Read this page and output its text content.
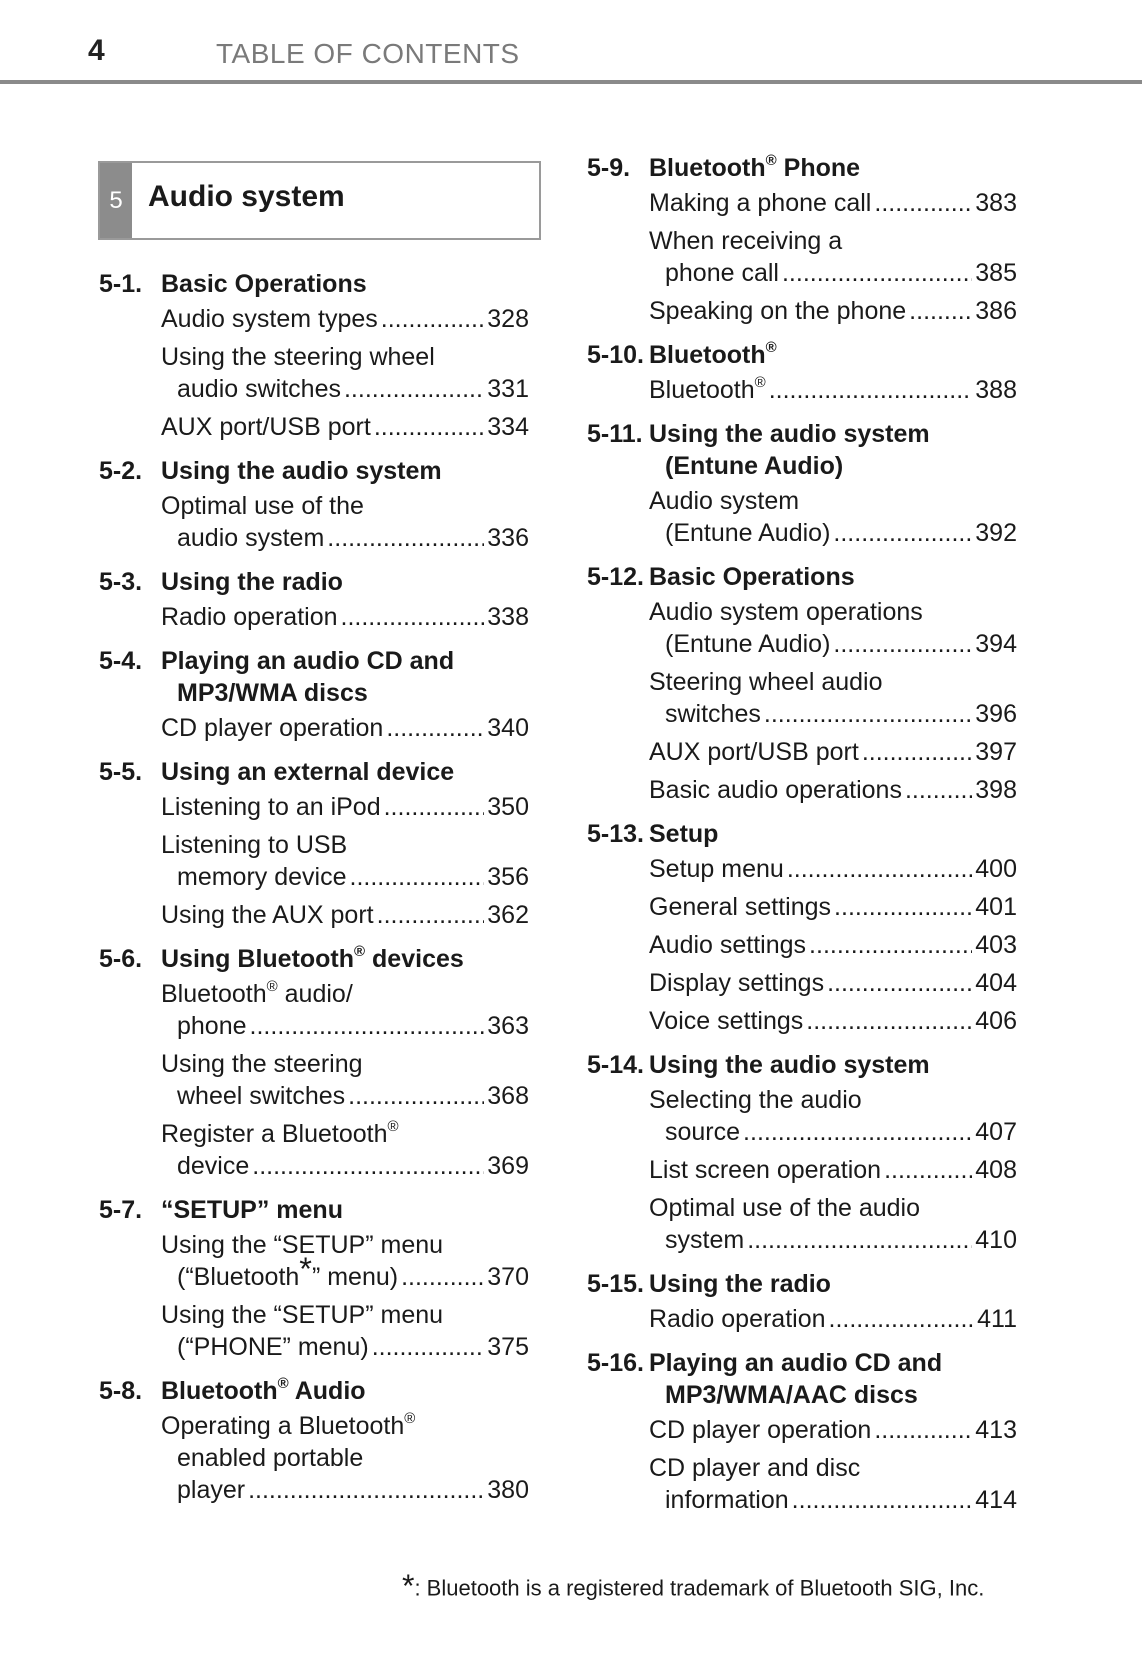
4	TABLE OF CONTENTS
5 Audio system
5-1. Basic Operations
Audio system types .....	328
Using the steering wheel
audio switches .....	331
AUX port/USB port .....	334
5-2. Using the audio system
Optimal use of the
audio system .....	336
5-3. Using the radio
Radio operation .....	338
5-4. Playing an audio CD and
MP3/WMA discs
CD player operation .....	340
5-5. Using an external device
Listening to an iPod .....	350
Listening to USB
memory device .....	356
Using the AUX port .....	362
5-6. Using Bluetooth® devices
Bluetooth® audio/
phone .....	363
Using the steering
wheel switches .....	368
Register a Bluetooth®
device .....	369
5-7. “SETUP” menu
Using the “SETUP” menu
(“Bluetooth*” menu) .....	370
Using the “SETUP” menu
(“PHONE” menu) .....	375
5-8. Bluetooth® Audio
Operating a Bluetooth®
enabled portable
player .....	380
5-9. Bluetooth® Phone
Making a phone call .....	383
When receiving a
phone call .....	385
Speaking on the phone .....	386
5-10. Bluetooth®
Bluetooth® .....	388
5-11. Using the audio system
(Entune Audio)
Audio system
(Entune Audio) .....	392
5-12. Basic Operations
Audio system operations
(Entune Audio) .....	394
Steering wheel audio
switches .....	396
AUX port/USB port .....	397
Basic audio operations .....	398
5-13. Setup
Setup menu .....	400
General settings .....	401
Audio settings .....	403
Display settings .....	404
Voice settings .....	406
5-14. Using the audio system
Selecting the audio
source .....	407
List screen operation .....	408
Optimal use of the audio
system .....	410
5-15. Using the radio
Radio operation .....	411
5-16. Playing an audio CD and
MP3/WMA/AAC discs
CD player operation .....	413
CD player and disc
information .....	414
*: Bluetooth is a registered trademark of Bluetooth SIG, Inc.
